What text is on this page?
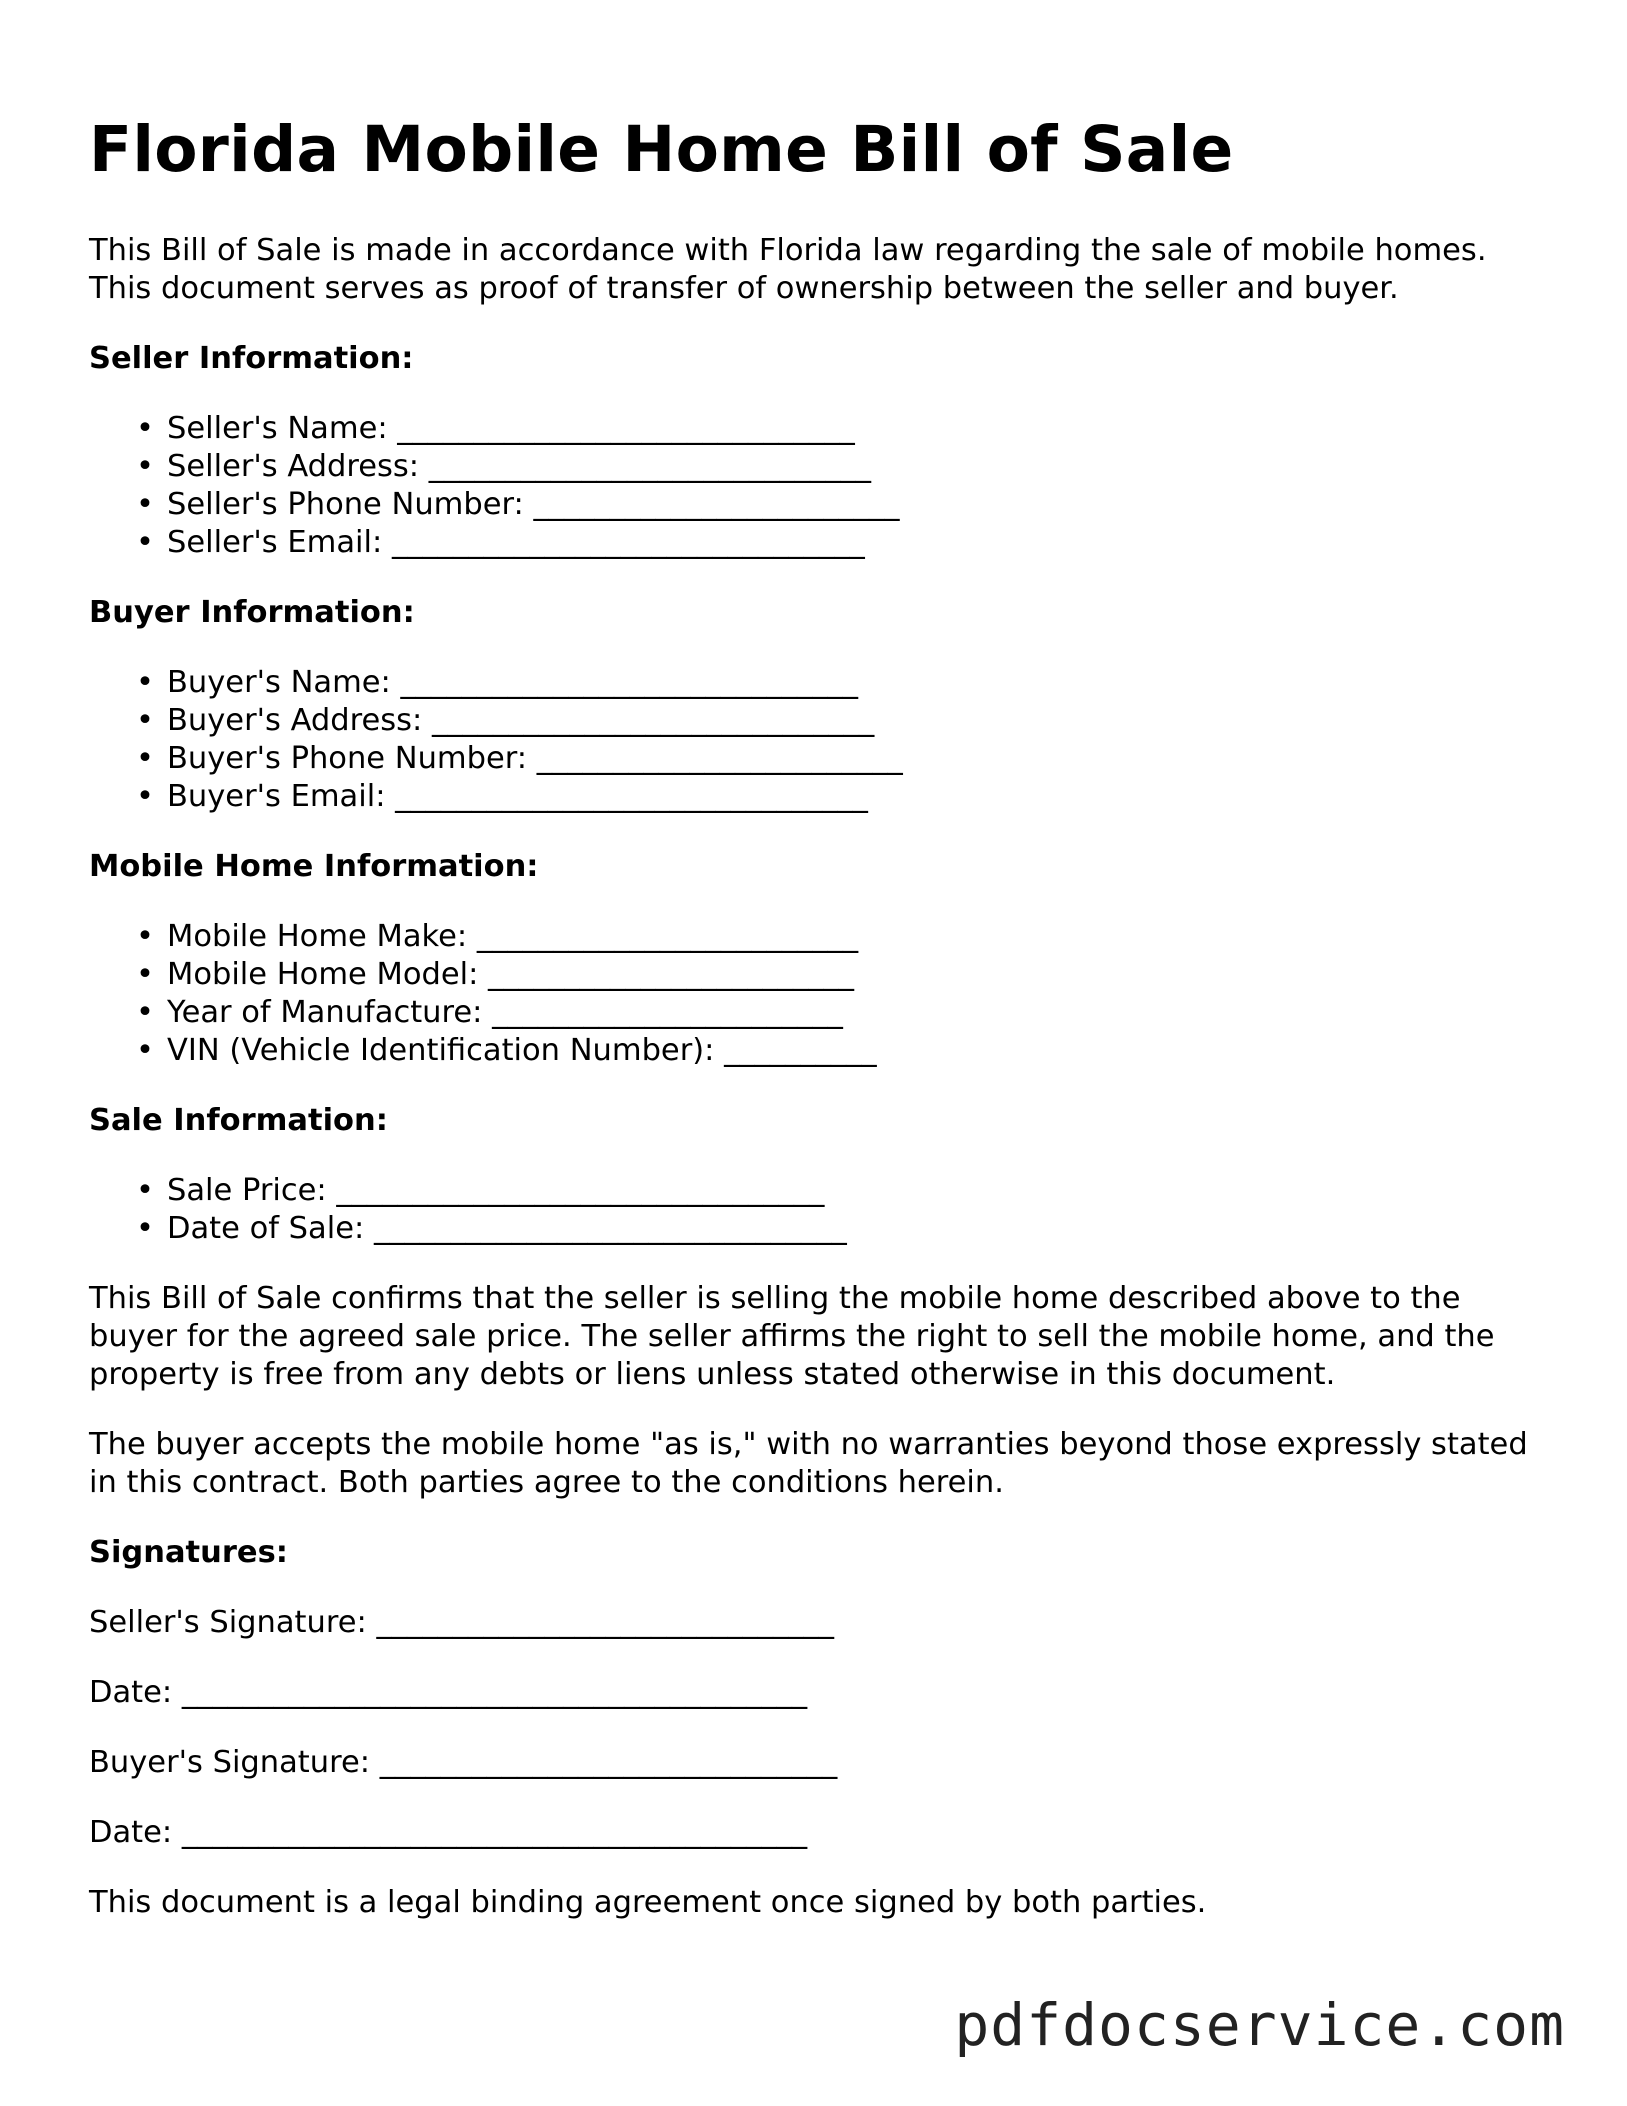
Florida Mobile Home Bill of Sale

This Bill of Sale is made in accordance with Florida law regarding the sale of mobile homes. This document serves as proof of transfer of ownership between the seller and buyer.

Seller Information:
• Seller's Name: ______________________________
• Seller's Address: _____________________________
• Seller's Phone Number: ________________________
• Seller's Email: _______________________________
Buyer Information:
• Buyer's Name: ______________________________
• Buyer's Address: _____________________________
• Buyer's Phone Number: ________________________
• Buyer's Email: _______________________________
Mobile Home Information:
• Mobile Home Make: _________________________
• Mobile Home Model: ________________________
• Year of Manufacture: _______________________
• VIN (Vehicle Identification Number): __________
Sale Information:
• Sale Price: ________________________________
• Date of Sale: _______________________________

This Bill of Sale confirms that the seller is selling the mobile home described above to the buyer for the agreed sale price. The seller affirms the right to sell the mobile home, and the property is free from any debts or liens unless stated otherwise in this document.

The buyer accepts the mobile home "as is," with no warranties beyond those expressly stated in this contract. Both parties agree to the conditions herein.

Signatures:
Seller's Signature: ______________________________
Date: _________________________________________
Buyer's Signature: ______________________________
Date: _________________________________________

This document is a legal binding agreement once signed by both parties.

pdfdocservice.com
